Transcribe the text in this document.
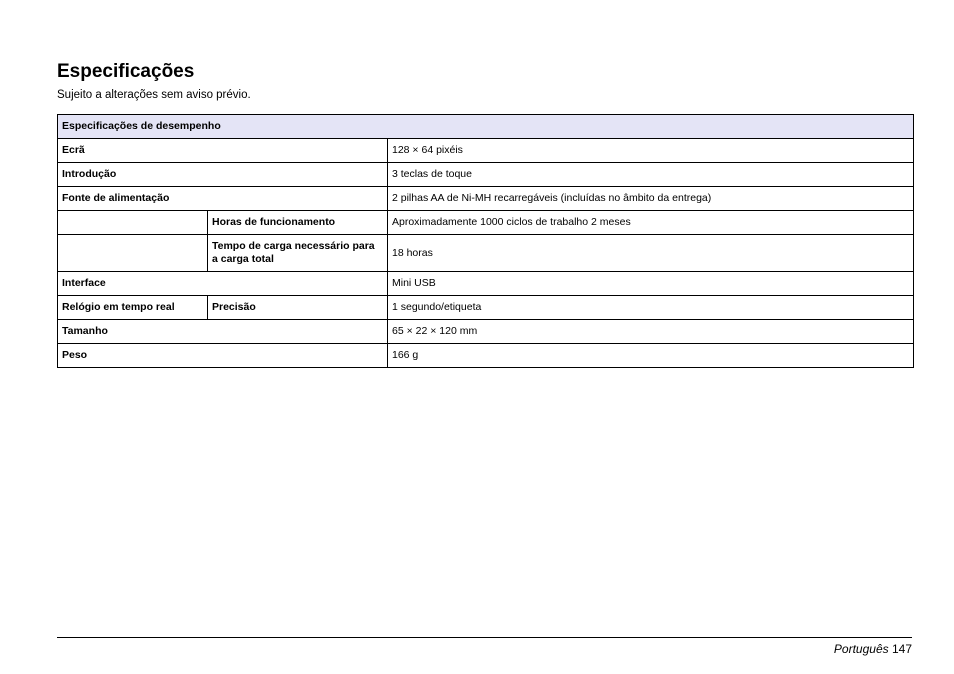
Especificações

Sujeito a alterações sem aviso prévio.

Especificações de desempenho		
Ecrã		128 × 64 pixéis
Introdução		3 teclas de toque
Fonte de alimentação		2 pilhas AA de Ni-MH recarregáveis (incluídas no âmbito da entrega)
	Horas de funcionamento	Aproximadamente 1000 ciclos de trabalho 2 meses
	Tempo de carga necessário para a carga total	18 horas
Interface		Mini USB
Relógio em tempo real	Precisão	1 segundo/etiqueta
Tamanho		65 × 22 × 120 mm
Peso		166 g
Português 147
